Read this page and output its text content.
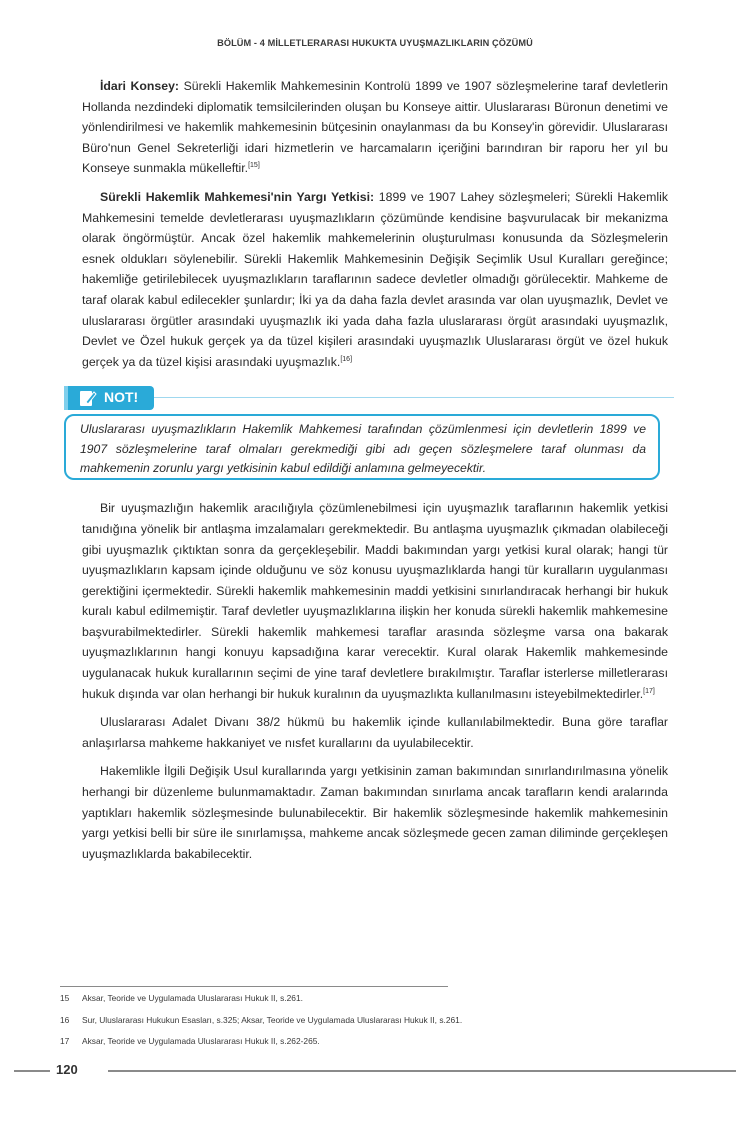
BÖLÜM - 4 MİLLETLERARASI HUKUKTA UYUŞMAZLIKLARIN ÇÖZÜMÜ

İdari Konsey: Sürekli Hakemlik Mahkemesinin Kontrolü 1899 ve 1907 sözleşmelerine taraf devletlerin Hollanda nezdindeki diplomatik temsilcilerinden oluşan bu Konseye aittir. Uluslararası Büronun denetimi ve yönlendirilmesi ve hakemlik mahkemesinin bütçesinin onaylanması da bu Konsey'in görevidir. Uluslararası Büro'nun Genel Sekreterliği idari hizmetlerin ve harcamaların içeriğini barındıran bir raporu her yıl bu Konseye sunmakla mükelleftir.[15]

Sürekli Hakemlik Mahkemesi'nin Yargı Yetkisi: 1899 ve 1907 Lahey sözleşmeleri; Sürekli Hakemlik Mahkemesini temelde devletlerarası uyuşmazlıkların çözümünde kendisine başvurulacak bir mekanizma olarak öngörmüştür. Ancak özel hakemlik mahkemelerinin oluşturulması konusunda da Sözleşmelerin esnek oldukları söylenebilir. Sürekli Hakemlik Mahkemesinin Değişik Seçimlik Usul Kuralları gereğince; hakemliğe getirilebilecek uyuşmazlıkların taraflarının sadece devletler olmadığı görülecektir. Mahkeme de taraf olarak kabul edilecekler şunlardır; İki ya da daha fazla devlet arasında var olan uyuşmazlık, Devlet ve uluslararası örgütler arasındaki uyuşmazlık iki yada daha fazla uluslararası örgüt arasındaki uyuşmazlık, Devlet ve Özel hukuk gerçek ya da tüzel kişileri arasındaki uyuşmazlık Uluslararası örgüt ve özel hukuk gerçek ya da tüzel kişisi arasındaki uyuşmazlık.[16]

NOT!

Uluslararası uyuşmazlıkların Hakemlik Mahkemesi tarafından çözümlenmesi için devletlerin 1899 ve 1907 sözleşmelerine taraf olmaları gerekmediği gibi adı geçen sözleşmelere taraf olunması da mahkemenin zorunlu yargı yetkisinin kabul edildiği anlamına gelmeyecektir.

Bir uyuşmazlığın hakemlik aracılığıyla çözümlenebilmesi için uyuşmazlık taraflarının hakemlik yetkisi tanıdığına yönelik bir antlaşma imzalamaları gerekmektedir. Bu antlaşma uyuşmazlık çıkmadan olabileceği gibi uyuşmazlık çıktıktan sonra da gerçekleşebilir. Maddi bakımından yargı yetkisi kural olarak; hangi tür uyuşmazlıkların kapsam içinde olduğunu ve söz konusu uyuşmazlıklarda hangi tür kuralların uygulanması gerektiğini içermektedir. Sürekli hakemlik mahkemesinin maddi yetkisini sınırlandıracak herhangi bir hukuk kuralı kabul edilmemiştir. Taraf devletler uyuşmazlıklarına ilişkin her konuda sürekli hakemlik mahkemesine başvurabilmektedirler. Sürekli hakemlik mahkemesi taraflar arasında sözleşme varsa ona bakarak uyuşmazlıklarının hangi konuyu kapsadığına karar verecektir. Kural olarak Hakemlik mahkemesinde uygulanacak hukuk kurallarının seçimi de yine taraf devletlere bırakılmıştır. Taraflar isterlerse milletlerarası hukuk dışında var olan herhangi bir hukuk kuralının da uyuşmazlıkta kullanılmasını isteyebilmektedirler.[17]

Uluslararası Adalet Divanı 38/2 hükmü bu hakemlik içinde kullanılabilmektedir. Buna göre taraflar anlaşırlarsa mahkeme hakkaniyet ve nısfet kurallarını da uyulabilecektir.

Hakemlikle İlgili Değişik Usul kurallarında yargı yetkisinin zaman bakımından sınırlandırılmasına yönelik herhangi bir düzenleme bulunmamaktadır. Zaman bakımından sınırlama ancak tarafların kendi aralarında yaptıkları hakemlik sözleşmesinde bulunabilecektir. Bir hakemlik sözleşmesinde hakemlik mahkemesinin yargı yetkisi belli bir süre ile sınırlamışsa, mahkeme ancak sözleşmede gecen zaman diliminde gerçekleşen uyuşmazlıklarda bakabilecektir.

15	Aksar, Teoride ve Uygulamada Uluslararası Hukuk II, s.261.
16	Sur, Uluslararası Hukukun Esasları, s.325; Aksar, Teoride ve Uygulamada Uluslararası Hukuk II, s.261.
17	Aksar, Teoride ve Uygulamada Uluslararası Hukuk II, s.262-265.
120
